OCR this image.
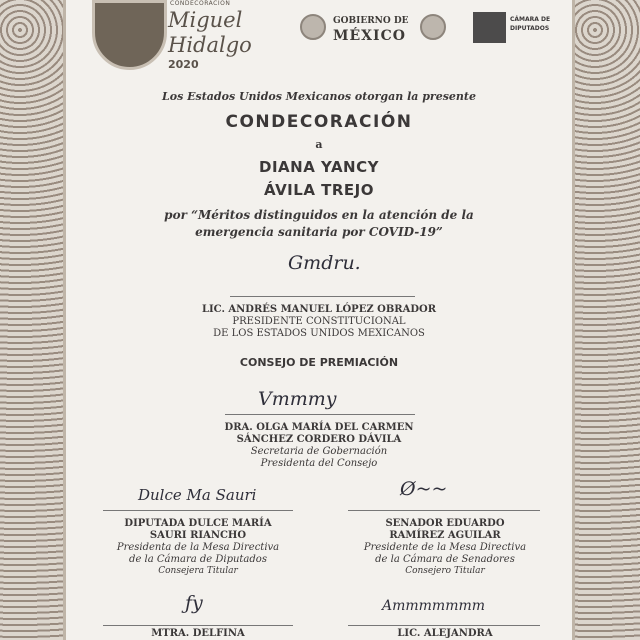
CONDECORACIÓN
Miguel
Hidalgo
2020
GOBIERNO DE
MÉXICO
CÁMARA DE
DIPUTADOS
Los Estados Unidos Mexicanos otorgan la presente
CONDECORACIÓN
a
DIANA YANCY
ÁVILA TREJO
por “Méritos distinguidos en la atención de la
emergencia sanitaria por COVID-19”
Gmdru.
LIC. ANDRÉS MANUEL LÓPEZ OBRADOR
PRESIDENTE CONSTITUCIONAL
DE LOS ESTADOS UNIDOS MEXICANOS
CONSEJO DE PREMIACIÓN
Vmmmy
DRA. OLGA MARÍA DEL CARMEN
SÁNCHEZ CORDERO DÁVILA
Secretaria de Gobernación
Presidenta del Consejo
Dulce Ma Sauri
DIPUTADA DULCE MARÍA
SAURI RIANCHO
Presidenta de la Mesa Directiva
de la Cámara de Diputados
Consejera Titular
Ø~~
SENADOR EDUARDO
RAMÍREZ AGUILAR
Presidente de la Mesa Directiva
de la Cámara de Senadores
Consejero Titular
ƒy
MTRA. DELFINA
Ammmmmmm
LIC. ALEJANDRA
